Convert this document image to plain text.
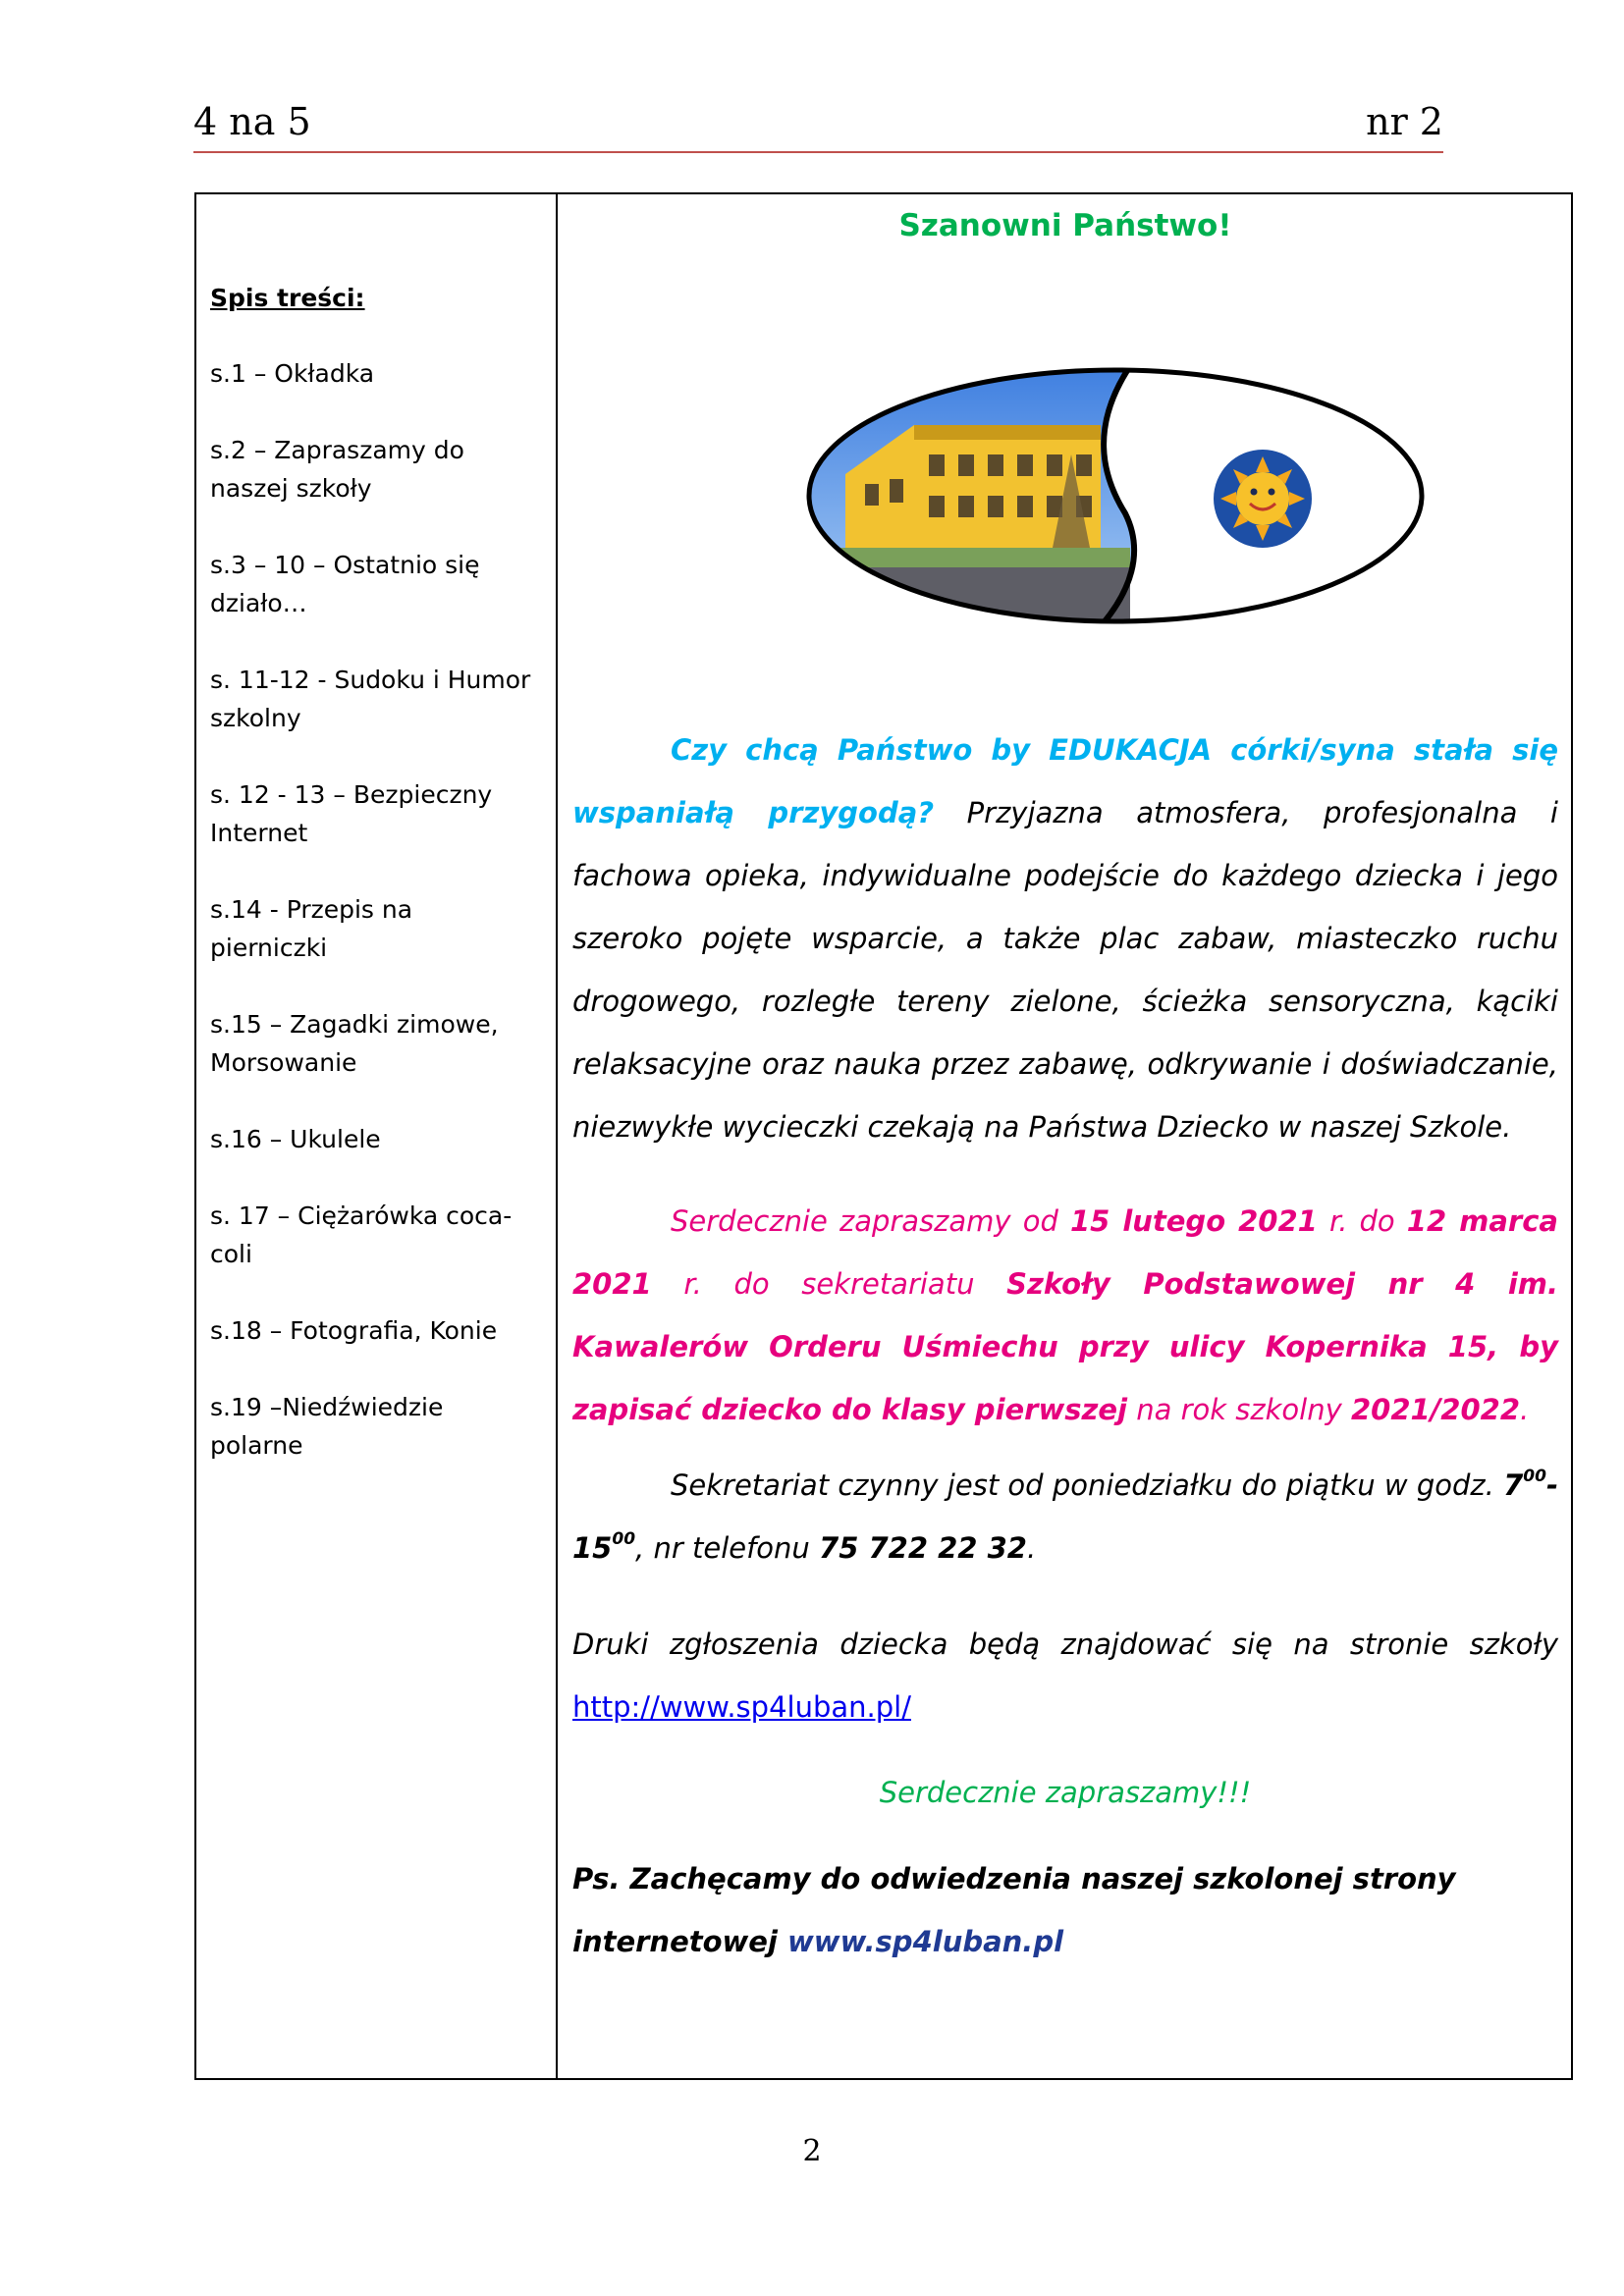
4 na 5	nr 2
Spis treści:
s.1 – Okładka
s.2 – Zapraszamy do naszej szkoły
s.3 – 10 – Ostatnio się działo…
s. 11-12 - Sudoku i Humor szkolny
s. 12 - 13 – Bezpieczny Internet
s.14 - Przepis na pierniczki
s.15 – Zagadki zimowe, Morsowanie
s.16 – Ukulele
s. 17 – Ciężarówka coca-coli
s.18 – Fotografia, Konie
s.19 –Niedźwiedzie polarne
Szanowni Państwo!
Czy chcą Państwo by EDUKACJA córki/syna stała się wspaniałą przygodą? Przyjazna atmosfera, profesjonalna i fachowa opieka, indywidualne podejście do każdego dziecka i jego szeroko pojęte wsparcie, a także plac zabaw, miasteczko ruchu drogowego, rozległe tereny zielone, ścieżka sensoryczna, kąciki relaksacyjne oraz nauka przez zabawę, odkrywanie i doświadczanie, niezwykłe wycieczki czekają na Państwa Dziecko w naszej Szkole.
Serdecznie zapraszamy od 15 lutego 2021 r. do 12 marca 2021 r. do sekretariatu Szkoły Podstawowej nr 4 im. Kawalerów Orderu Uśmiechu przy ulicy Kopernika 15, by zapisać dziecko do klasy pierwszej na rok szkolny 2021/2022.
Sekretariat czynny jest od poniedziałku do piątku w godz. $7^{00}-15^{00}$, nr telefonu 75 722 22 32.
Druki zgłoszenia dziecka będą znajdować się na stronie szkoły http://www.sp4luban.pl/
Serdecznie zapraszamy!!!
Ps. Zachęcamy do odwiedzenia naszej szkolonej strony internetowej www.sp4luban.pl
2
